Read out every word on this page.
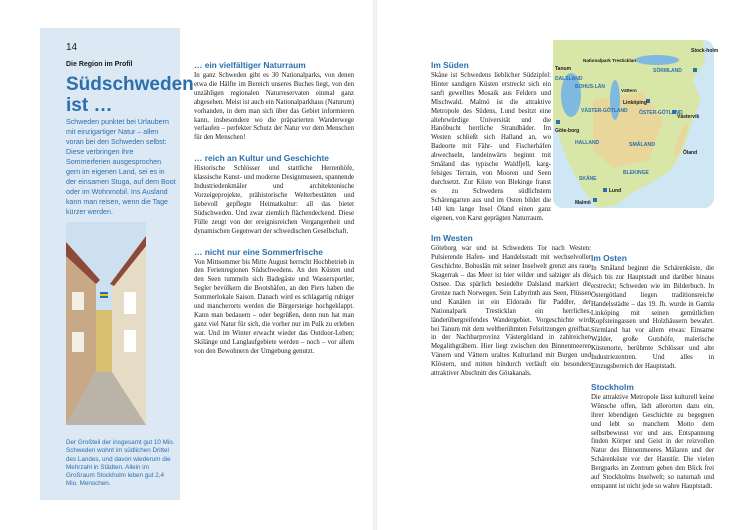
14
Die Region im Profil
Südschweden ist …
Schweden punktet bei Urlaubern mit einzigartiger Natur – allen voran bei den Schweden selbst: Diese verbringen ihre Sommerferien ausgesprochen gern im eigenen Land, sei es in der einsamen Stuga, auf dem Boot oder im Wohnmobil. Ins Ausland kann man reisen, wenn die Tage kürzer werden.
Der Großteil der insgesamt gut 10 Mio. Schweden wohnt im südlichen Drittel des Landes, und davon wiederum die Mehrzahl in Städten. Allein im Großraum Stockholm leben gut 2,4 Mio. Menschen.
… ein vielfältiger Naturraum

In ganz Schweden gibt es 30 Nationalparks, von denen etwa die Hälfte im Bereich unseres Buches liegt, von den unzähligen regionalen Naturreservaten einmal ganz abgesehen. Meist ist auch ein Nationalparkhaus (Naturum) vorhanden, in dem man sich über das Gebiet informieren kann, insbesondere wo die präparierten Wanderwege verlaufen – perfekter Schutz der Natur vor dem Menschen für den Menschen!

… reich an Kultur und Geschichte

Historische Schlösser und stattliche Herrenhöfe, klassische Kunst- und moderne Designmuseen, spannende Industriedenkmäler und architektonische Vorzeigeprojekte, prähistorische Welterbestätten und liebevoll gepflegte Heimatkultur: all das bietet Südschweden. Und zwar ziemlich flächendeckend. Diese Fülle zeugt von der ereignisreichen Vergangenheit und dynamischen Gegenwart der schwedischen Gesellschaft.

… nicht nur eine Sommerfrische

Von Mittsommer bis Mitte August herrscht Hochbetrieb in den Ferienregionen Südschwedens. An den Küsten und den Seen tummeln sich Badegäste und Wassersportler, Segler bevölkern die Bootshäfen, an den Piers haben die Sommerlokale Saison. Danach wird es schlagartig ruhiger und mancherorts werden die Bürgersteige hochgeklappt. Kann man bedauern – oder begrüßen, denn nun hat man ganz viel Natur für sich, die vorher nur im Pulk zu erleben war. Und im Winter erwacht wieder das Outdoor-Leben; Skilänge und Langlaufgebiete werden – noch – vor allem von den Bewohnern der Umgebung genutzt.

Im Süden

Skåne ist Schwedens lieblicher Südzipfel: Hinter sandigen Küsten erstreckt sich ein sanft gewelltes Mosaik aus Feldern und Mischwald. Malmö ist die attraktive Metropole des Südens, Lund besitzt eine altehrwürdige Universität und die Hanöbucht herrliche Strandbäder. Im Westen schließt sich Halland an, wo Badeorte mit Fähr- und Fischerhäfen abwechseln, landeinwärts beginnt mit Småland das typische Waldfjell, karg-felsiges Terrain, von Mooren und Seen durchsetzt. Zur Küste von Blekinge franst es zu Schwedens südlichstem Schärengarten aus und im Osten bildet die 140 km lange Insel Öland einen ganz eigenen, von Karst geprägten Naturraum.

Im Westen

Göteborg war und ist Schwedens Tor nach Westen: Pulsierende Hafen- und Handelsstadt mit wechselvoller Geschichte. Bohuslän mit seiner Inselwelt grenzt ans raue Skagerrak – das Meer ist hier wilder und salziger als die Ostsee. Das spärlich besiedelte Dalsland markiert die Grenze nach Norwegen. Sein Labyrinth aus Seen, Flüssen und Kanälen ist ein Eldorado für Paddler, der Nationalpark Tresticklan ein herrliches, länderübergreifendes Wandergebiet. Vorgeschichte wird bei Tanum mit dem weltberühmten Felsritzungen greifbar, in der Nachbarprovinz Västergötland in zahlreichen Megalithgräbern. Hier liegt zwischen den Binnenmeeren Vänern und Vättern uraltes Kulturland mit Burgen und Klöstern, und mitten hindurch verläuft ein besonders attraktiver Abschnitt des Götakanals.

Im Osten

In Småland beginnt die Schärenküste, die sich bis zur Hauptstadt und darüber hinaus erstreckt; Schweden wie im Bilderbuch. In Östergötland liegen traditionsreiche Handelsstädte – das 19. Jh. wurde in Gamla Linköping mit seinen gemütlichen Kopfsteingassen und Holzhäusern bewahrt. Sörmland hat vor allem etwas: Einsame Wälder, große Gutshöfe, malerische Küstenorte, berühmte Schlösser und alte Industriezentren. Und alles in Einzugsbereich der Hauptstadt.

Stockholm

Die attraktive Metropole lässt kulturell keine Wünsche offen, lädt allerorten dazu ein, ihrer lebendigen Geschichte zu begegnen und lebt so manchem Motto dem selbstbewusst vor und aus. Entspannung finden Körper und Geist in der reizvollen Natur des Binnenmeeres Mälaren und der Schärenküste vor der Haustür. Die vielen Bergparks im Zentrum geben den Blick frei auf Stockholms Inselwelt; so naturnah und entspannt ist nicht jede so wahre Hauptstadt.

Stock-holm
Nationalpark Tresticklan
SÖRMLAND
DALSLAND
Tanum
BOHUS-LÄN
Vättern
Linköping
VÄSTER-GÖTLAND ÖSTER-GÖTLAND
Göte-borg
Västervik
HALLAND	SMÅLAND
Öland
BLEKINGE
SKÅNE
Lund
Malmö
